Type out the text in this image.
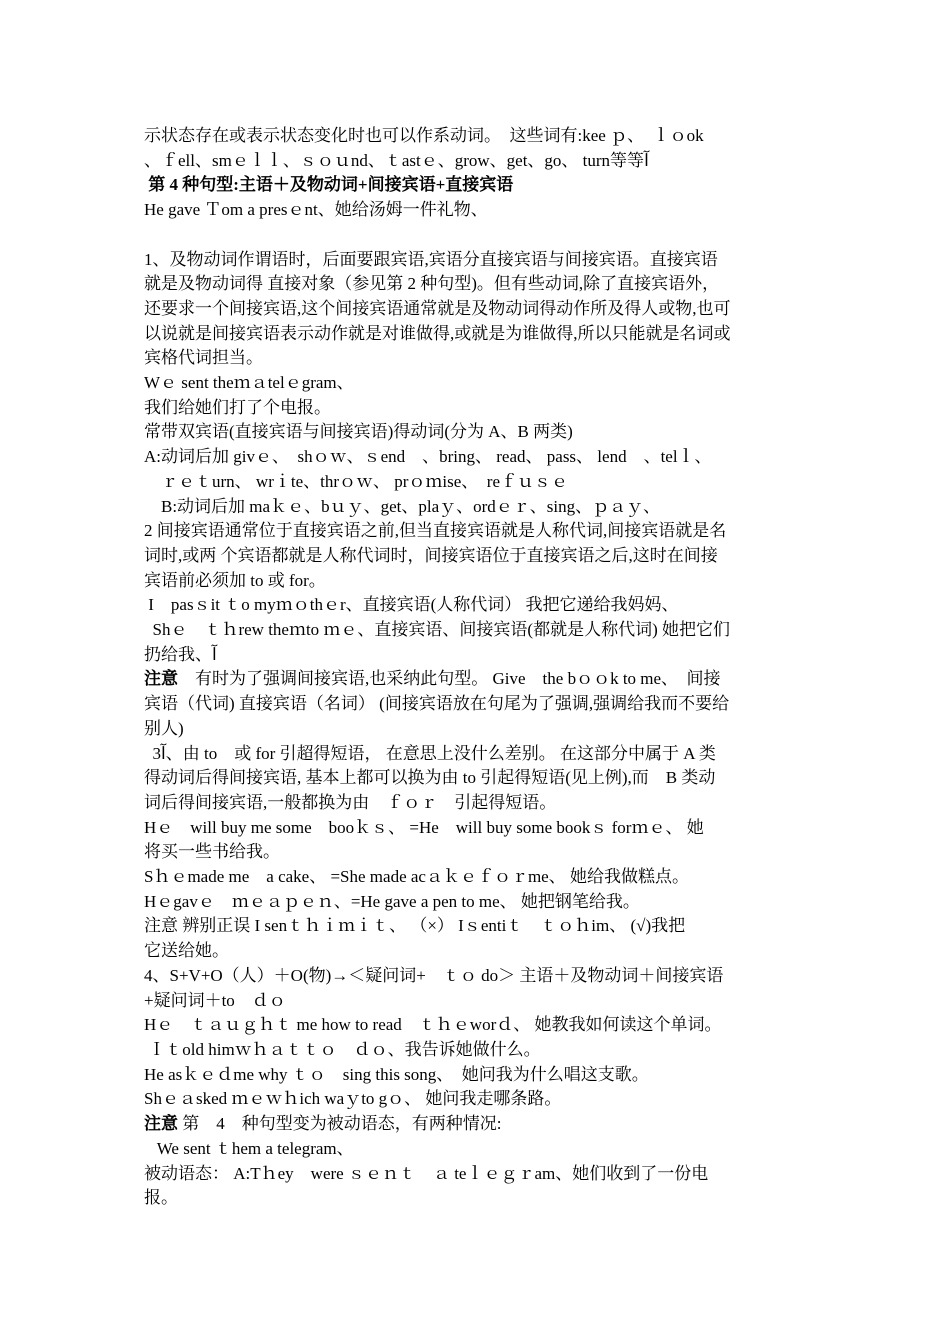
示状态存在或表示状态变化时也可以作系动词。　这些词有:kee ｐ、　ｌｏok
、ｆell、smｅｌｌ、ｓｏｕnd、ｔastｅ、grow、get、go、 turn等等ﺁ
第 4 种句型:主语＋及物动词+间接宾语+直接宾语
He gave Ｔom a presｅnt、她给汤姆一件礼物、
1、及物动词作谓语时，后面要跟宾语,宾语分直接宾语与间接宾语。直接宾语
就是及物动词得 直接对象（参见第 2 种句型)。但有些动词,除了直接宾语外，
还要求一个间接宾语,这个间接宾语通常就是及物动词得动作所及得人或物,也可
以说就是间接宾语表示动作就是对谁做得,或就是为谁做得,所以只能就是名词或
宾格代词担当。
Wｅ sent theｍａtelｅgram、
我们给她们打了个电报。
常带双宾语(直接宾语与间接宾语)得动词(分为 A、B 两类)
A:动词后加 givｅ、　shｏｗ、ｓend　、bring、 read、 pass、 lend　、telｌ、
　ｒｅｔurn、 wrｉte、thrｏｗ、 prｏｍise、　reｆｕｓｅ
　B:动词后加 maｋｅ、bｕｙ、get、plaｙ、ordｅｒ、sing、ｐａｙ、
2 间接宾语通常位于直接宾语之前,但当直接宾语就是人称代词,间接宾语就是名
词时,或两 个宾语都就是人称代词时，间接宾语位于直接宾语之后,这时在间接
宾语前必须加 to 或 for。
I　pasｓit ｔo myｍｏthｅr、直接宾语(人称代词） 我把它递给我妈妈、
Shｅ　ｔｈrew theｍto ｍｅ、直接宾语、间接宾语(都就是人称代词) 她把它们
扔给我、ﺁ
注意　有时为了强调间接宾语,也采纳此句型。 Give　the bｏｏk to me、　间接
宾语（代词) 直接宾语（名词） (间接宾语放在句尾为了强调,强调给我而不要给
别人)
3ﺁ、由 to　或 for 引超得短语， 在意思上没什么差别。 在这部分中属于 A 类
得动词后得间接宾语, 基本上都可以换为由 to 引起得短语(见上例),而　B 类动
词后得间接宾语,一般都换为由　ｆｏｒ　引起得短语。
Hｅ　will buy me some　booｋｓ、 =He　will buy some bookｓ forｍｅ、 她
将买一些书给我。
Sｈｅmade me　a cake、 =She made acａｋｅｆｏｒme、 她给我做糕点。
Hｅgavｅ　ｍｅａｐｅｎ、=He gave a pen to me、 她把钢笔给我。
注意 辨别正误 I senｔｈｉｍｉｔ、 （×） Iｓentiｔ　ｔｏｈim、 (√)我把
它送给她。
4、S+V+O（人）＋O(物)→＜疑问词+　ｔｏ do＞ 主语＋及物动词＋间接宾语
+疑问词＋to　ｄｏ
Hｅ　ｔａｕｇｈｔ me how to read　ｔｈｅworｄ、 她教我如何读这个单词。
Ｉｔold himｗｈａｔｔｏ　ｄｏ、我告诉她做什么。
He asｋｅｄme why ｔｏ　sing this song、　她问我为什么唱这支歌。
Shｅａsked ｍｅｗｈich waｙto gｏ、 她问我走哪条路。
注意 第　4　种句型变为被动语态，有两种情况:
We sent ｔhem a telegram、
被动语态： A:Tｈey　were ｓｅｎｔ　ａ teｌｅｇｒam、她们收到了一份电
报。
